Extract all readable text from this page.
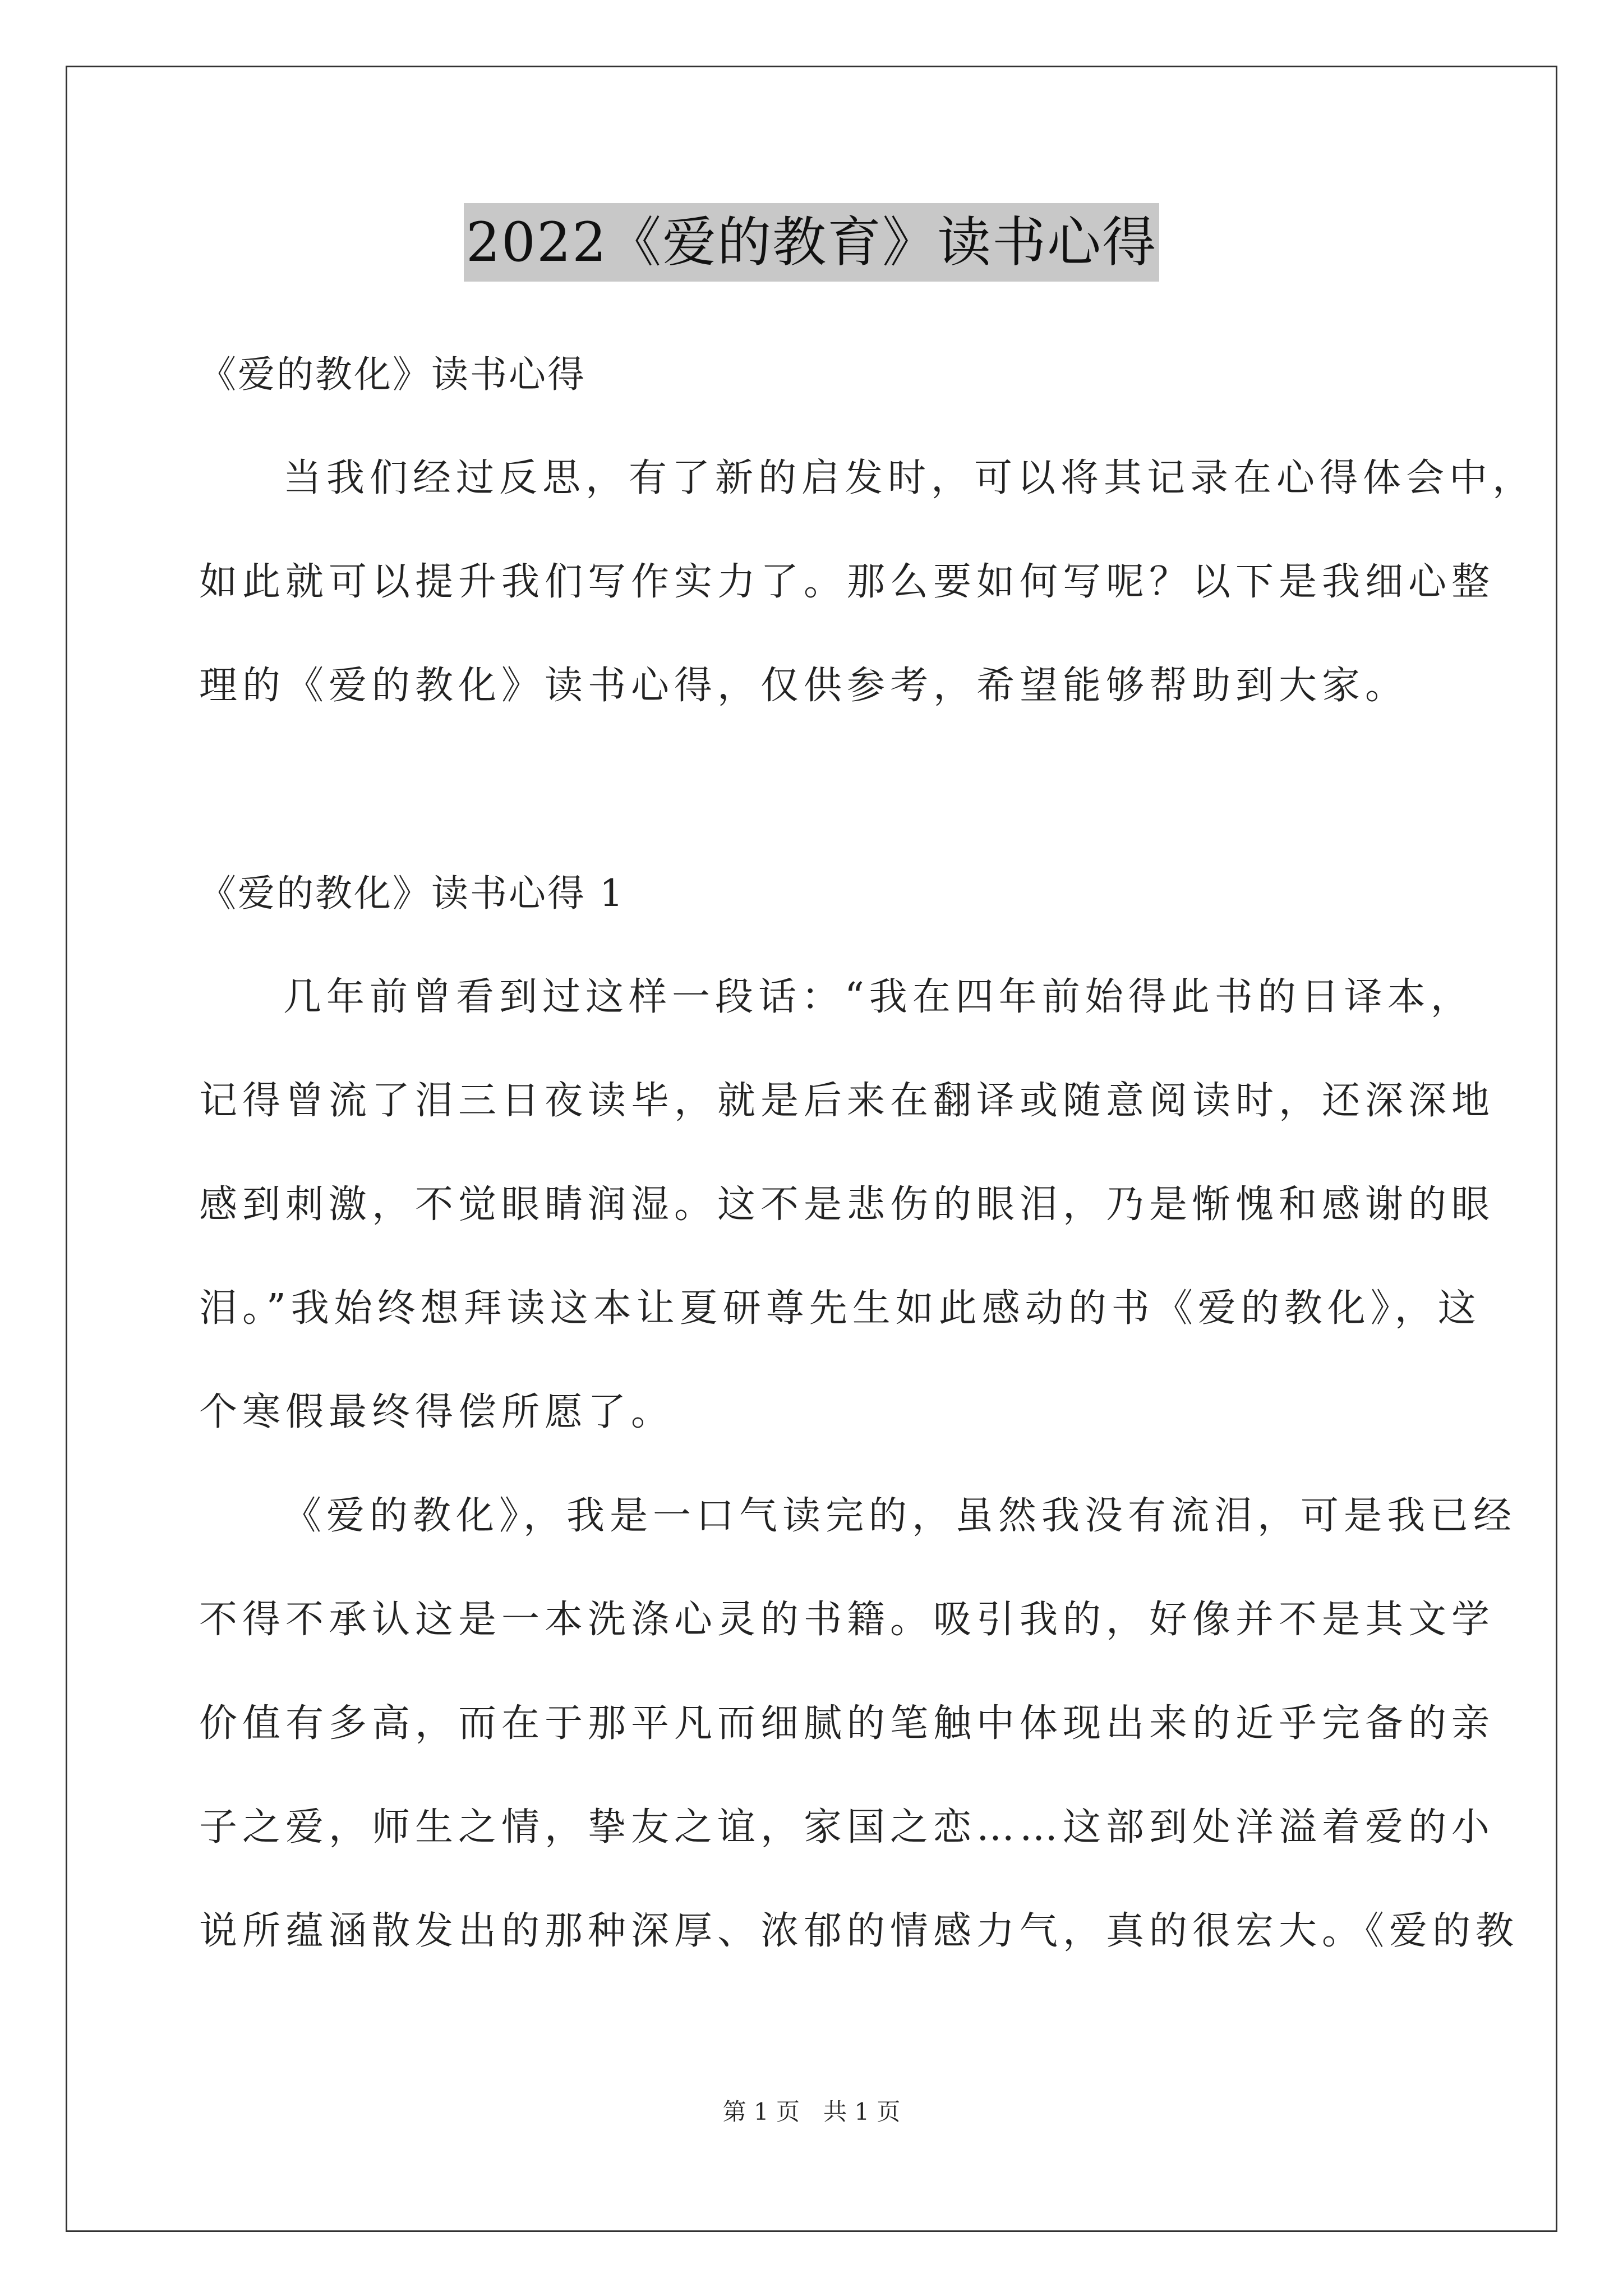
2022《爱的教育》读书心得
《爱的教化》读书心得
当我们经过反思，有了新的启发时，可以将其记录在心得体会中，
如此就可以提升我们写作实力了。那么要如何写呢？以下是我细心整
理的《爱的教化》读书心得，仅供参考，希望能够帮助到大家。
《爱的教化》读书心得 1
几年前曾看到过这样一段话：“我在四年前始得此书的日译本，
记得曾流了泪三日夜读毕，就是后来在翻译或随意阅读时，还深深地
感到刺激，不觉眼睛润湿。这不是悲伤的眼泪，乃是惭愧和感谢的眼
泪。”我始终想拜读这本让夏研尊先生如此感动的书《爱的教化》，这
个寒假最终得偿所愿了。
《爱的教化》，我是一口气读完的，虽然我没有流泪，可是我已经
不得不承认这是一本洗涤心灵的书籍。吸引我的，好像并不是其文学
价值有多高，而在于那平凡而细腻的笔触中体现出来的近乎完备的亲
子之爱，师生之情，挚友之谊，家国之恋……这部到处洋溢着爱的小
说所蕴涵散发出的那种深厚、浓郁的情感力气，真的很宏大。《爱的教
第 1 页　共 1 页
